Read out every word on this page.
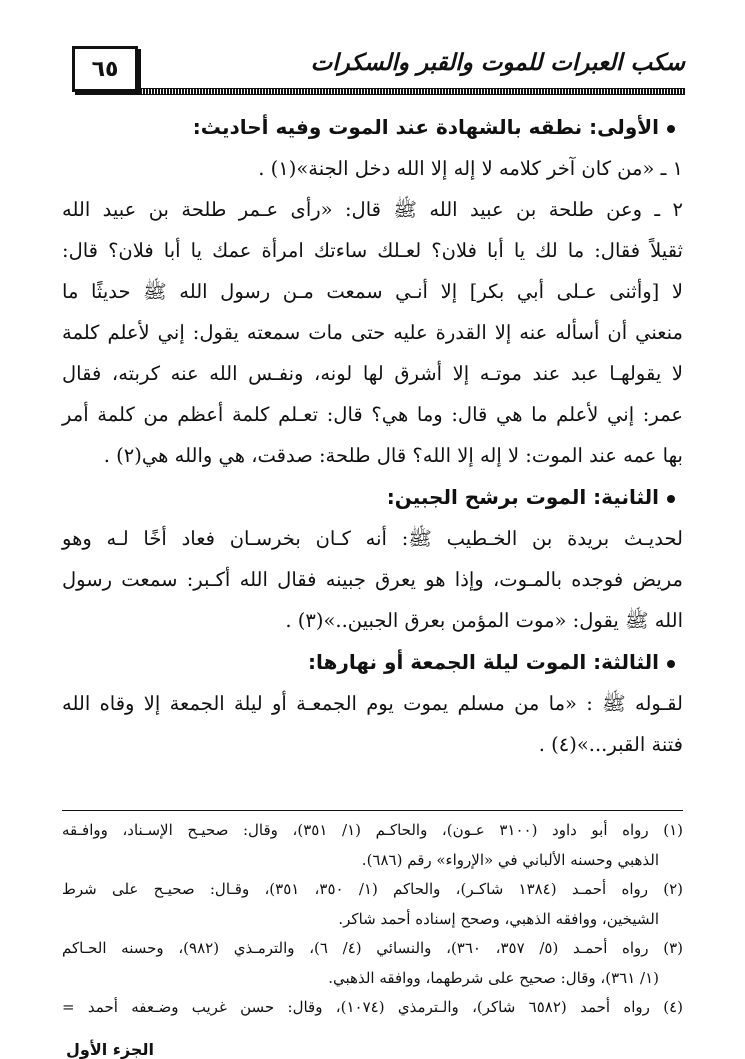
٦٥	سكب العبرات للموت والقبر والسكرات
الأولى: نطقه بالشهادة عند الموت وفيه أحاديث:
١ ـ «من كان آخر كلامه لا إله إلا الله دخل الجنة»(١) .
٢ ـ وعن طلحة بن عبيد الله ﷺ قال: «رأى عـمر طلحة بن عبيد الله
ثقيلاً فقال: ما لك يا أبا فلان؟ لعـلك ساءتك امرأة عمك يا أبا فلان؟ قال:
لا [وأثنى عـلى أبي بكر] إلا أنـي سمعت مـن رسول الله ﷺ حديثًا ما
منعني أن أسأله عنه إلا القدرة عليه حتى مات سمعته يقول: إني لأعلم كلمة
لا يقولهـا عبد عند موتـه إلا أشرق لها لونه، ونفـس الله عنه كربته، فقال
عمر: إني لأعلم ما هي قال: وما هي؟ قال: تعـلم كلمة أعظم من كلمة أمر
بها عمه عند الموت: لا إله إلا الله؟ قال طلحة: صدقت، هي والله هي(٢) .
الثانية: الموت برشح الجبين:
لحديـث بريدة بن الخـطيب ﷺ: أنه كـان بخرسـان فعاد أخًا لـه وهو
مريض فوجده بالمـوت، وإذا هو يعرق جبينه فقال الله أكـبر: سمعت رسول
الله ﷺ يقول: «موت المؤمن بعرق الجبين..»(٣) .
الثالثة: الموت ليلة الجمعة أو نهارها:
لقـوله ﷺ : «ما من مسلم يموت يوم الجمعـة أو ليلة الجمعة إلا وقاه الله
فتنة القبر...»(٤) .
(١) رواه أبو داود (٣١٠٠ عـون)، والحاكـم (١/ ٣٥١)، وقال: صحيـح الإسـناد، ووافـقه
الذهبي وحسنه الألباني في «الإرواء» رقم (٦٨٦).
(٢) رواه أحمـد (١٣٨٤ شاكـر)، والحاكم (١/ ٣٥٠، ٣٥١)، وقـال: صحيـح على شرط
الشيخين، ووافقه الذهبي، وصحح إسناده أحمد شاكر.
(٣) رواه أحمـد (٥/ ٣٥٧، ٣٦٠)، والنسائي (٤/ ٦)، والترمـذي (٩٨٢)، وحسنه الحـاكم
(١/ ٣٦١)، وقال: صحيح على شرطهما، ووافقه الذهبي.
(٤) رواه أحمد (٦٥٨٢ شاكر)، والـترمذي (١٠٧٤)، وقال: حسن غريب وضـعفه أحمد =
الجزء الأول
